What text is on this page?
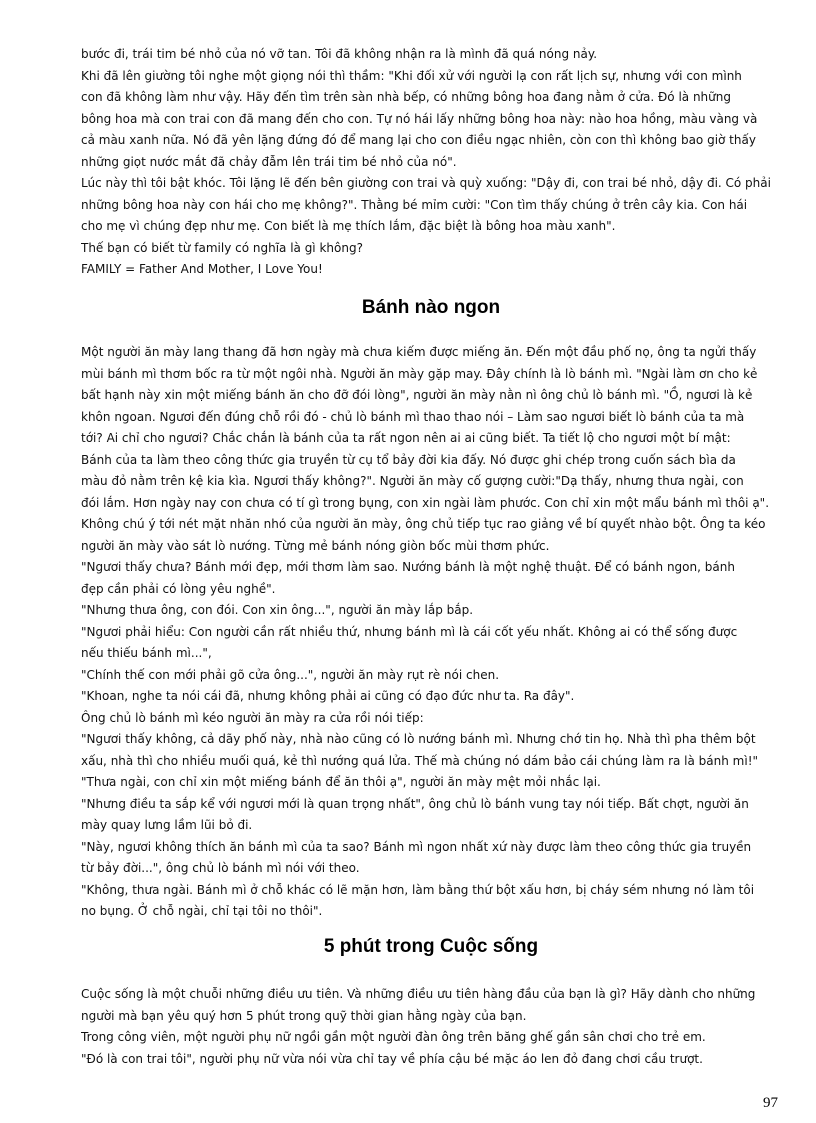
bước đi, trái tim bé nhỏ của nó vỡ tan. Tôi đã không nhận ra là mình đã quá nóng nảy.
Khi đã lên giường tôi nghe một giọng nói thì thầm: "Khi đối xử với người lạ con rất lịch sự, nhưng với con mình
con đã không làm như vậy. Hãy đến tìm trên sàn nhà bếp, có những bông hoa đang nằm ở cửa. Đó là những
bông hoa mà con trai con đã mang đến cho con. Tự nó hái lấy những bông hoa này: nào hoa hồng, màu vàng và
cả màu xanh nữa. Nó đã yên lặng đứng đó để mang lại cho con điều ngạc nhiên, còn con thì không bao giờ thấy
những giọt nước mắt đã chảy đẫm lên trái tim bé nhỏ của nó".
Lúc này thì tôi bật khóc. Tôi lặng lẽ đến bên giường con trai và quỳ xuống: "Dậy đi, con trai bé nhỏ, dậy đi. Có phải
những bông hoa này con hái cho mẹ không?". Thằng bé mỉm cười: "Con tìm thấy chúng ở trên cây kia. Con hái
cho mẹ vì chúng đẹp như mẹ. Con biết là mẹ thích lắm, đặc biệt là bông hoa màu xanh".
Thế bạn có biết từ family có nghĩa là gì không?
FAMILY = Father And Mother, I Love You!
Bánh nào ngon
Một người ăn mày lang thang đã hơn ngày mà chưa kiếm được miếng ăn. Đến một đầu phố nọ, ông ta ngửi thấy
mùi bánh mì thơm bốc ra từ một ngôi nhà. Người ăn mày gặp may. Đây chính là lò bánh mì. "Ngài làm ơn cho kẻ
bất hạnh này xin một miếng bánh ăn cho đỡ đói lòng", người ăn mày nằn nì ông chủ lò bánh mì. "Ồ, ngươi là kẻ
khôn ngoan. Ngươi đến đúng chỗ rồi đó - chủ lò bánh mì thao thao nói – Làm sao ngươi biết lò bánh của ta mà
tới? Ai chỉ cho ngươi? Chắc chắn là bánh của ta rất ngon nên ai ai cũng biết. Ta tiết lộ cho ngươi một bí mật:
Bánh của ta làm theo công thức gia truyền từ cụ tổ bảy đời kia đấy. Nó được ghi chép trong cuốn sách bìa da
màu đỏ nằm trên kệ kia kìa. Ngươi thấy không?". Người ăn mày cố gượng cười:"Dạ thấy, nhưng thưa ngài, con
đói lắm. Hơn ngày nay con chưa có tí gì trong bụng, con xin ngài làm phước. Con chỉ xin một mẩu bánh mì thôi ạ".
Không chú ý tới nét mặt nhăn nhó của người ăn mày, ông chủ tiếp tục rao giảng về bí quyết nhào bột. Ông ta kéo
người ăn mày vào sát lò nướng. Từng mẻ bánh nóng giòn bốc mùi thơm phức.
"Ngươi thấy chưa? Bánh mới đẹp, mới thơm làm sao. Nướng bánh là một nghệ thuật. Để có bánh ngon, bánh
đẹp cần phải có lòng yêu nghề".
"Nhưng thưa ông, con đói. Con xin ông...", người ăn mày lắp bắp.
"Ngươi phải hiểu: Con người cần rất nhiều thứ, nhưng bánh mì là cái cốt yếu nhất. Không ai có thể sống được
nếu thiếu bánh mì...",
"Chính thế con mới phải gõ cửa ông...", người ăn mày rụt rè nói chen.
"Khoan, nghe ta nói cái đã, nhưng không phải ai cũng có đạo đức như ta. Ra đây".
Ông chủ lò bánh mì kéo người ăn mày ra cửa rồi nói tiếp:
"Ngươi thấy không, cả dãy phố này, nhà nào cũng có lò nướng bánh mì. Nhưng chớ tin họ. Nhà thì pha thêm bột
xấu, nhà thì cho nhiều muối quá, kẻ thì nướng quá lửa. Thế mà chúng nó dám bảo cái chúng làm ra là bánh mì!"
"Thưa ngài, con chỉ xin một miếng bánh để ăn thôi ạ", người ăn mày mệt mỏi nhắc lại.
"Nhưng điều ta sắp kể với ngươi mới là quan trọng nhất", ông chủ lò bánh vung tay nói tiếp. Bất chợt, người ăn
mày quay lưng lầm lũi bỏ đi.
"Này, ngươi không thích ăn bánh mì của ta sao? Bánh mì ngon nhất xứ này được làm theo công thức gia truyền
từ bảy đời...", ông chủ lò bánh mì nói với theo.
"Không, thưa ngài. Bánh mì ở chỗ khác có lẽ mặn hơn, làm bằng thứ bột xấu hơn, bị cháy sém nhưng nó làm tôi
no bụng. Ở chỗ ngài, chỉ tại tôi no thôi".
5 phút trong Cuộc sống
Cuộc sống là một chuỗi những điều ưu tiên. Và những điều ưu tiên hàng đầu của bạn là gì? Hãy dành cho những
người mà bạn yêu quý hơn 5 phút trong quỹ thời gian hằng ngày của bạn.
Trong công viên, một người phụ nữ ngồi gần một người đàn ông trên băng ghế gần sân chơi cho trẻ em.
"Đó là con trai tôi", người phụ nữ vừa nói vừa chỉ tay về phía cậu bé mặc áo len đỏ đang chơi cầu trượt.
97
